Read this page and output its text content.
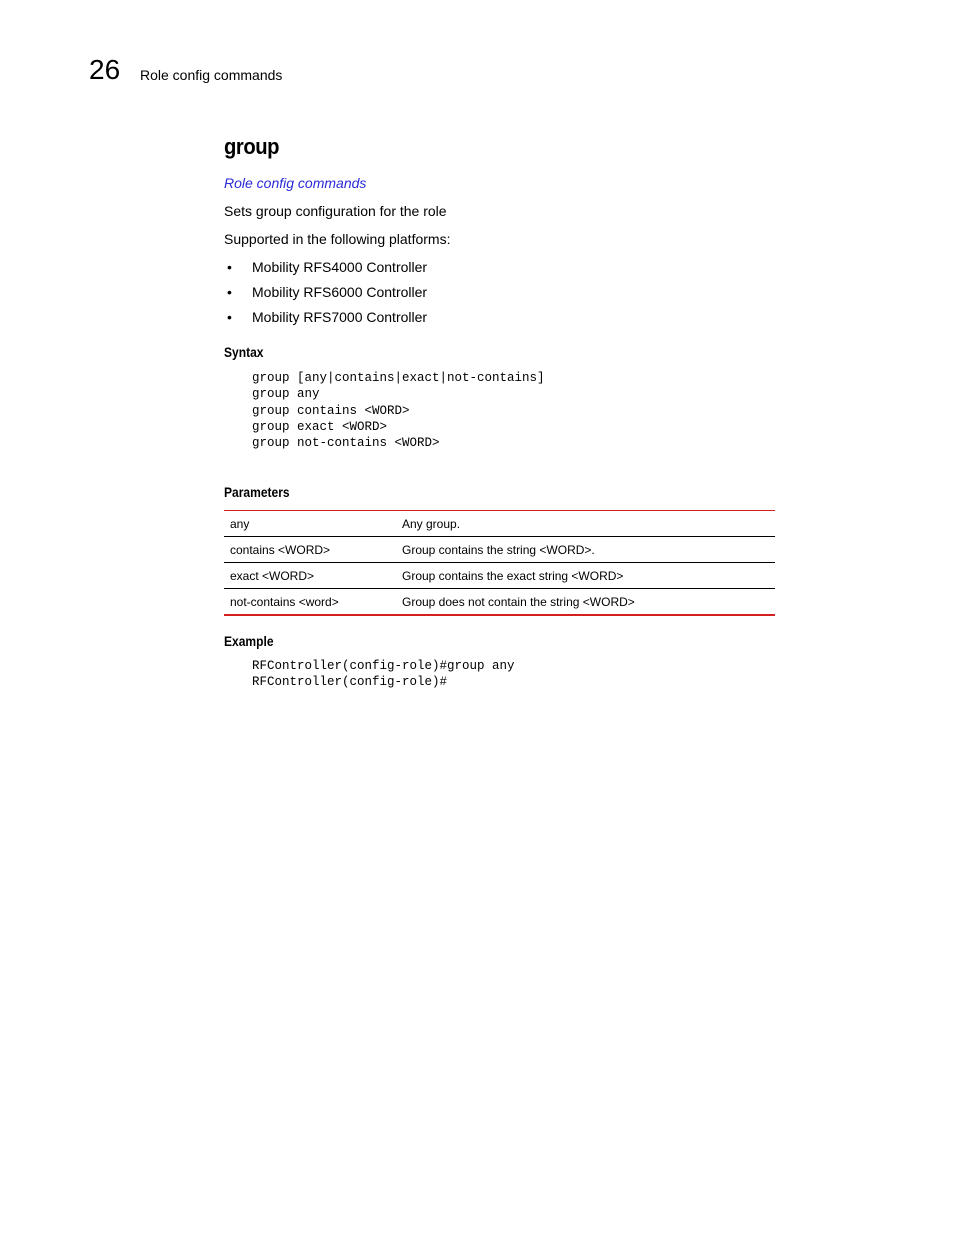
26 Role config commands
group
Role config commands
Sets group configuration for the role
Supported in the following platforms:
• Mobility RFS4000 Controller
• Mobility RFS6000 Controller
• Mobility RFS7000 Controller
Syntax
group [any|contains|exact|not-contains]
group any
group contains <WORD>
group exact <WORD>
group not-contains <WORD>
Parameters
any	Any group.
contains <WORD>	Group contains the string <WORD>.
exact <WORD>	Group contains the exact string <WORD>
not-contains <word>	Group does not contain the string <WORD>
Example
RFController(config-role)#group any
RFController(config-role)#
